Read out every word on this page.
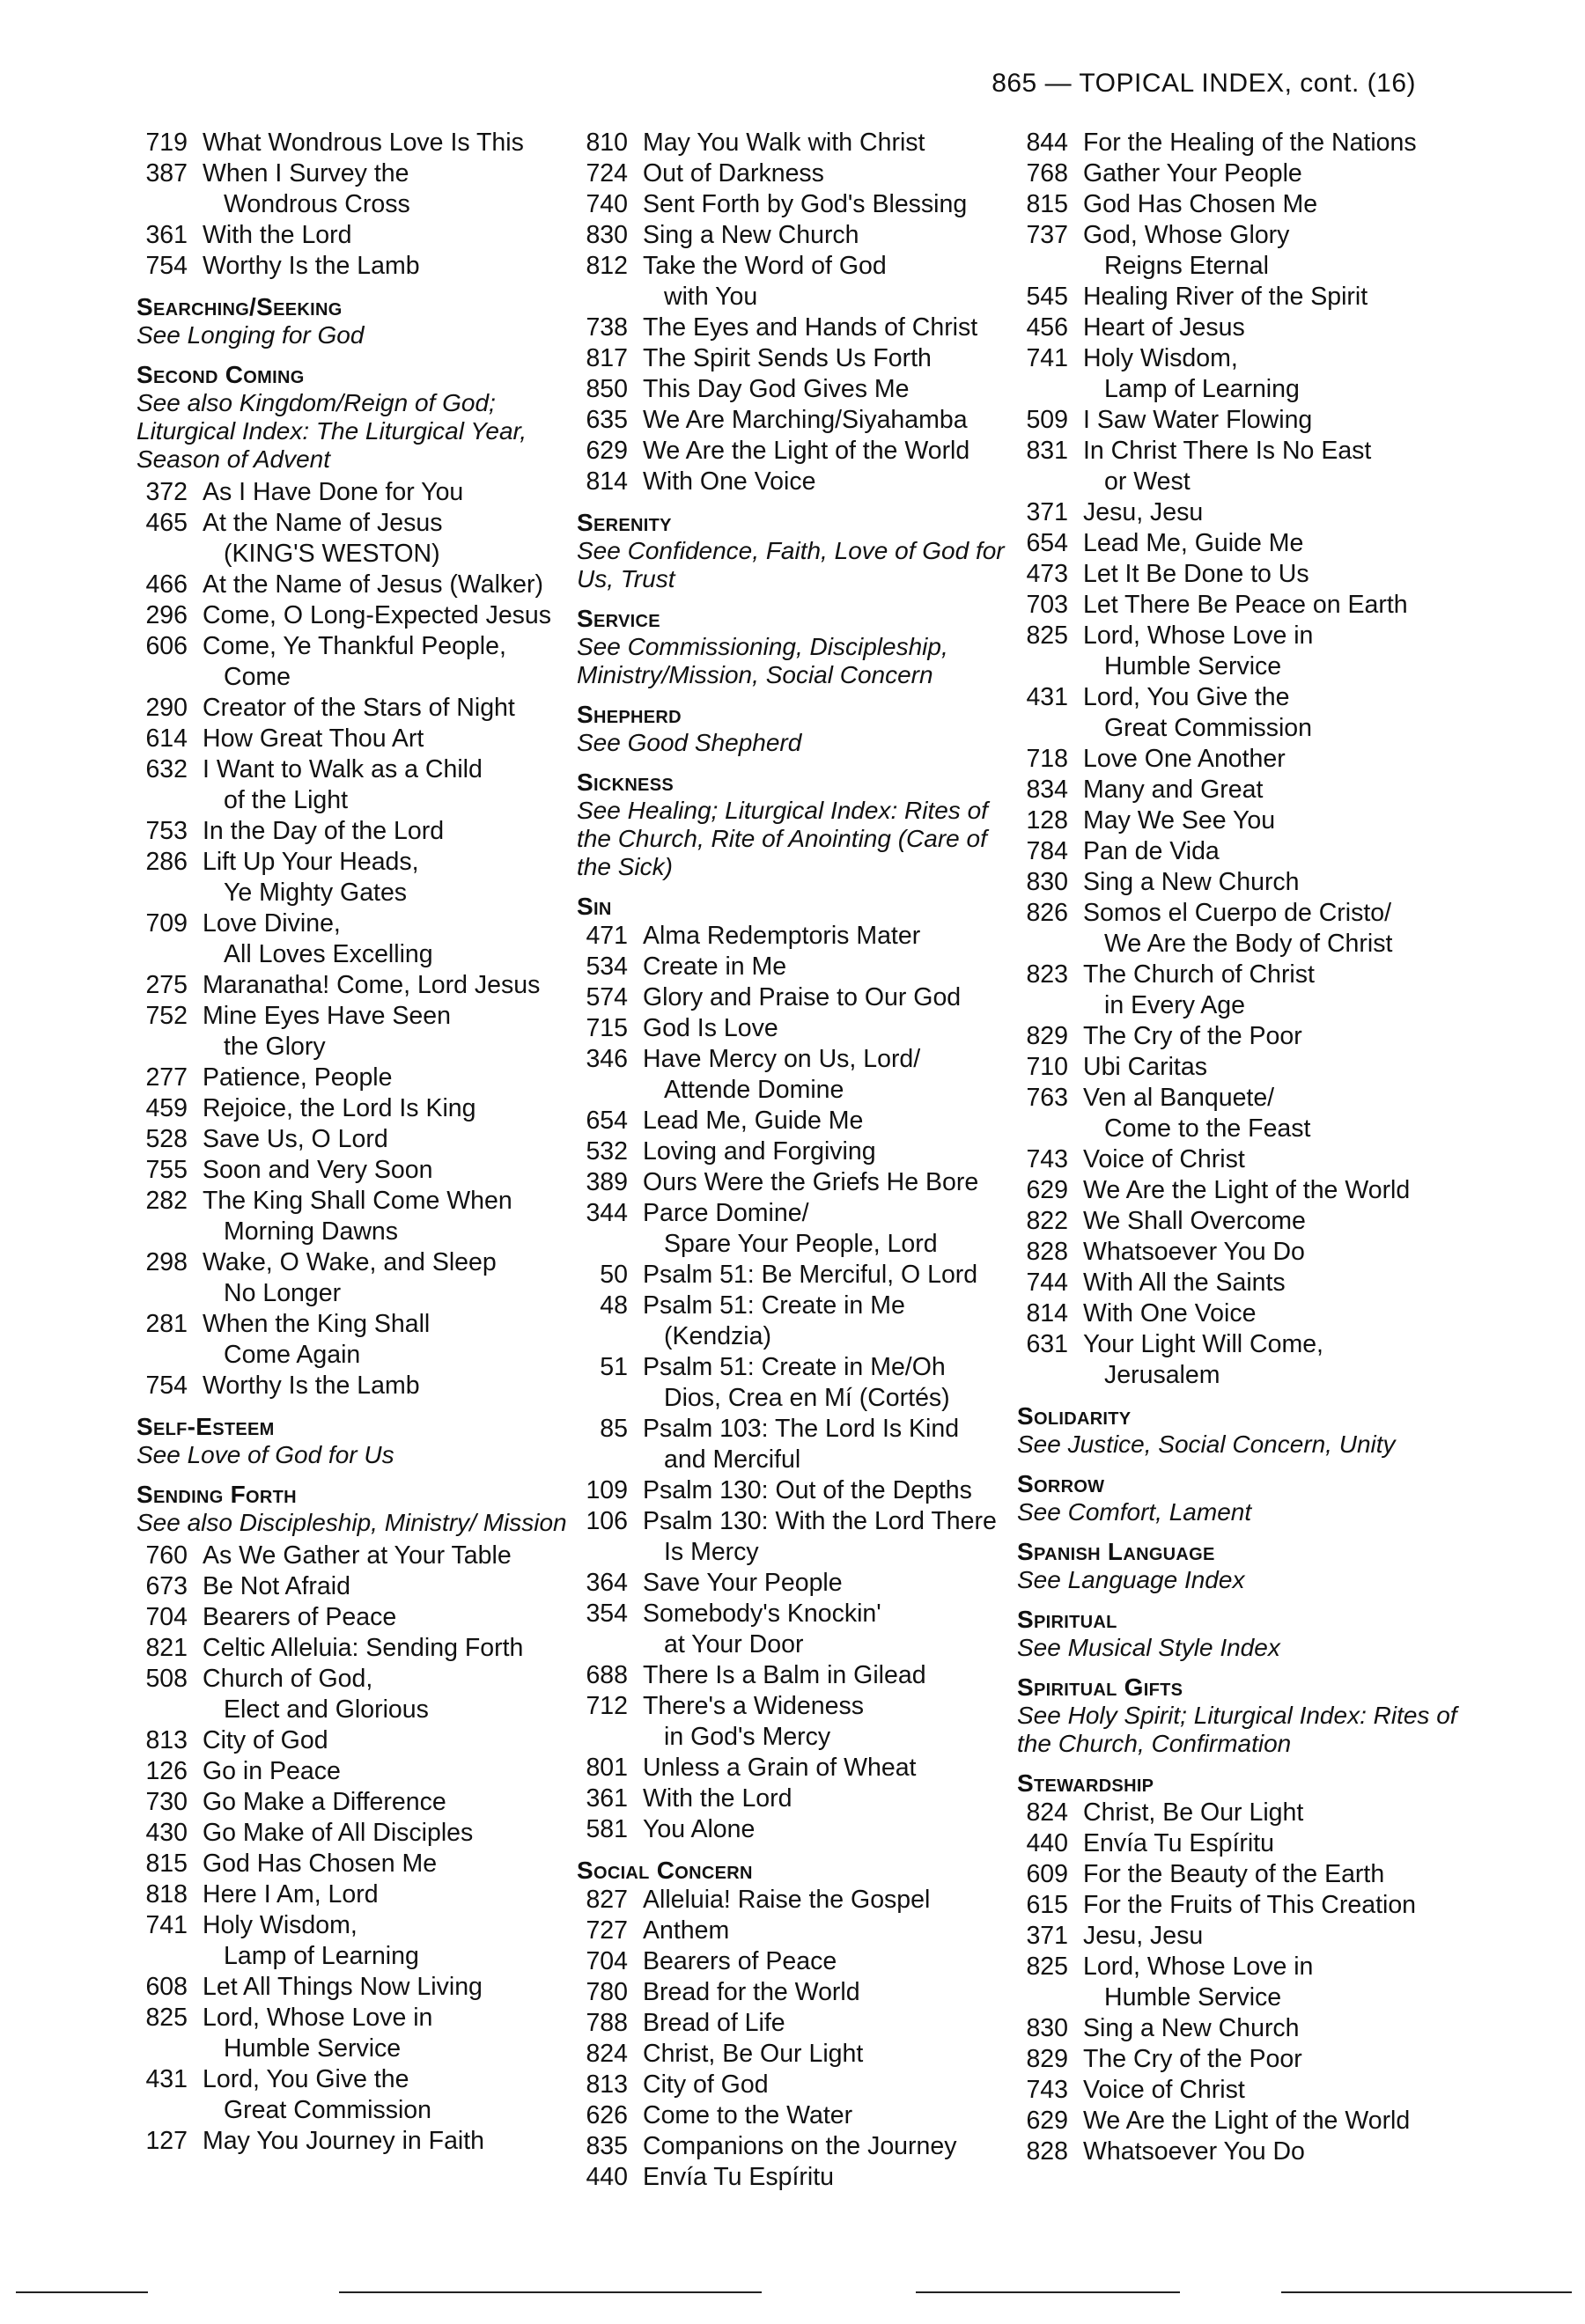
865 — TOPICAL INDEX, cont. (16)
719 What Wondrous Love Is This
387 When I Survey the
Wondrous Cross
361 With the Lord
754 Worthy Is the Lamb
Searching/Seeking
See Longing for God
Second Coming
See also Kingdom/Reign of God; Liturgical Index: The Liturgical Year, Season of Advent
372 As I Have Done for You
465 At the Name of Jesus
(KING'S WESTON)
466 At the Name of Jesus (Walker)
296 Come, O Long-Expected Jesus
606 Come, Ye Thankful People,
Come
290 Creator of the Stars of Night
614 How Great Thou Art
632 I Want to Walk as a Child
of the Light
753 In the Day of the Lord
286 Lift Up Your Heads,
Ye Mighty Gates
709 Love Divine,
All Loves Excelling
275 Maranatha! Come, Lord Jesus
752 Mine Eyes Have Seen
the Glory
277 Patience, People
459 Rejoice, the Lord Is King
528 Save Us, O Lord
755 Soon and Very Soon
282 The King Shall Come When
Morning Dawns
298 Wake, O Wake, and Sleep
No Longer
281 When the King Shall
Come Again
754 Worthy Is the Lamb
Self-Esteem
See Love of God for Us
Sending Forth
See also Discipleship, Ministry/ Mission
760 As We Gather at Your Table
673 Be Not Afraid
704 Bearers of Peace
821 Celtic Alleluia: Sending Forth
508 Church of God,
Elect and Glorious
813 City of God
126 Go in Peace
730 Go Make a Difference
430 Go Make of All Disciples
815 God Has Chosen Me
818 Here I Am, Lord
741 Holy Wisdom,
Lamp of Learning
608 Let All Things Now Living
825 Lord, Whose Love in
Humble Service
431 Lord, You Give the
Great Commission
127 May You Journey in Faith
810 May You Walk with Christ
724 Out of Darkness
740 Sent Forth by God's Blessing
830 Sing a New Church
812 Take the Word of God
with You
738 The Eyes and Hands of Christ
817 The Spirit Sends Us Forth
850 This Day God Gives Me
635 We Are Marching/Siyahamba
629 We Are the Light of the World
814 With One Voice
Serenity
See Confidence, Faith, Love of God for Us, Trust
Service
See Commissioning, Discipleship, Ministry/Mission, Social Concern
Shepherd
See Good Shepherd
Sickness
See Healing; Liturgical Index: Rites of the Church, Rite of Anointing (Care of the Sick)
Sin
471 Alma Redemptoris Mater
534 Create in Me
574 Glory and Praise to Our God
715 God Is Love
346 Have Mercy on Us, Lord/
Attende Domine
654 Lead Me, Guide Me
532 Loving and Forgiving
389 Ours Were the Griefs He Bore
344 Parce Domine/
Spare Your People, Lord
50 Psalm 51: Be Merciful, O Lord
48 Psalm 51: Create in Me
(Kendzia)
51 Psalm 51: Create in Me/Oh
Dios, Crea en Mí (Cortés)
85 Psalm 103: The Lord Is Kind
and Merciful
109 Psalm 130: Out of the Depths
106 Psalm 130: With the Lord There
Is Mercy
364 Save Your People
354 Somebody's Knockin'
at Your Door
688 There Is a Balm in Gilead
712 There's a Wideness
in God's Mercy
801 Unless a Grain of Wheat
361 With the Lord
581 You Alone
Social Concern
827 Alleluia! Raise the Gospel
727 Anthem
704 Bearers of Peace
780 Bread for the World
788 Bread of Life
824 Christ, Be Our Light
813 City of God
626 Come to the Water
835 Companions on the Journey
440 Envía Tu Espíritu
844 For the Healing of the Nations
768 Gather Your People
815 God Has Chosen Me
737 God, Whose Glory
Reigns Eternal
545 Healing River of the Spirit
456 Heart of Jesus
741 Holy Wisdom,
Lamp of Learning
509 I Saw Water Flowing
831 In Christ There Is No East
or West
371 Jesu, Jesu
654 Lead Me, Guide Me
473 Let It Be Done to Us
703 Let There Be Peace on Earth
825 Lord, Whose Love in
Humble Service
431 Lord, You Give the
Great Commission
718 Love One Another
834 Many and Great
128 May We See You
784 Pan de Vida
830 Sing a New Church
826 Somos el Cuerpo de Cristo/
We Are the Body of Christ
823 The Church of Christ
in Every Age
829 The Cry of the Poor
710 Ubi Caritas
763 Ven al Banquete/
Come to the Feast
743 Voice of Christ
629 We Are the Light of the World
822 We Shall Overcome
828 Whatsoever You Do
744 With All the Saints
814 With One Voice
631 Your Light Will Come,
Jerusalem
Solidarity
See Justice, Social Concern, Unity
Sorrow
See Comfort, Lament
Spanish Language
See Language Index
Spiritual
See Musical Style Index
Spiritual Gifts
See Holy Spirit; Liturgical Index: Rites of the Church, Confirmation
Stewardship
824 Christ, Be Our Light
440 Envía Tu Espíritu
609 For the Beauty of the Earth
615 For the Fruits of This Creation
371 Jesu, Jesu
825 Lord, Whose Love in
Humble Service
830 Sing a New Church
829 The Cry of the Poor
743 Voice of Christ
629 We Are the Light of the World
828 Whatsoever You Do
